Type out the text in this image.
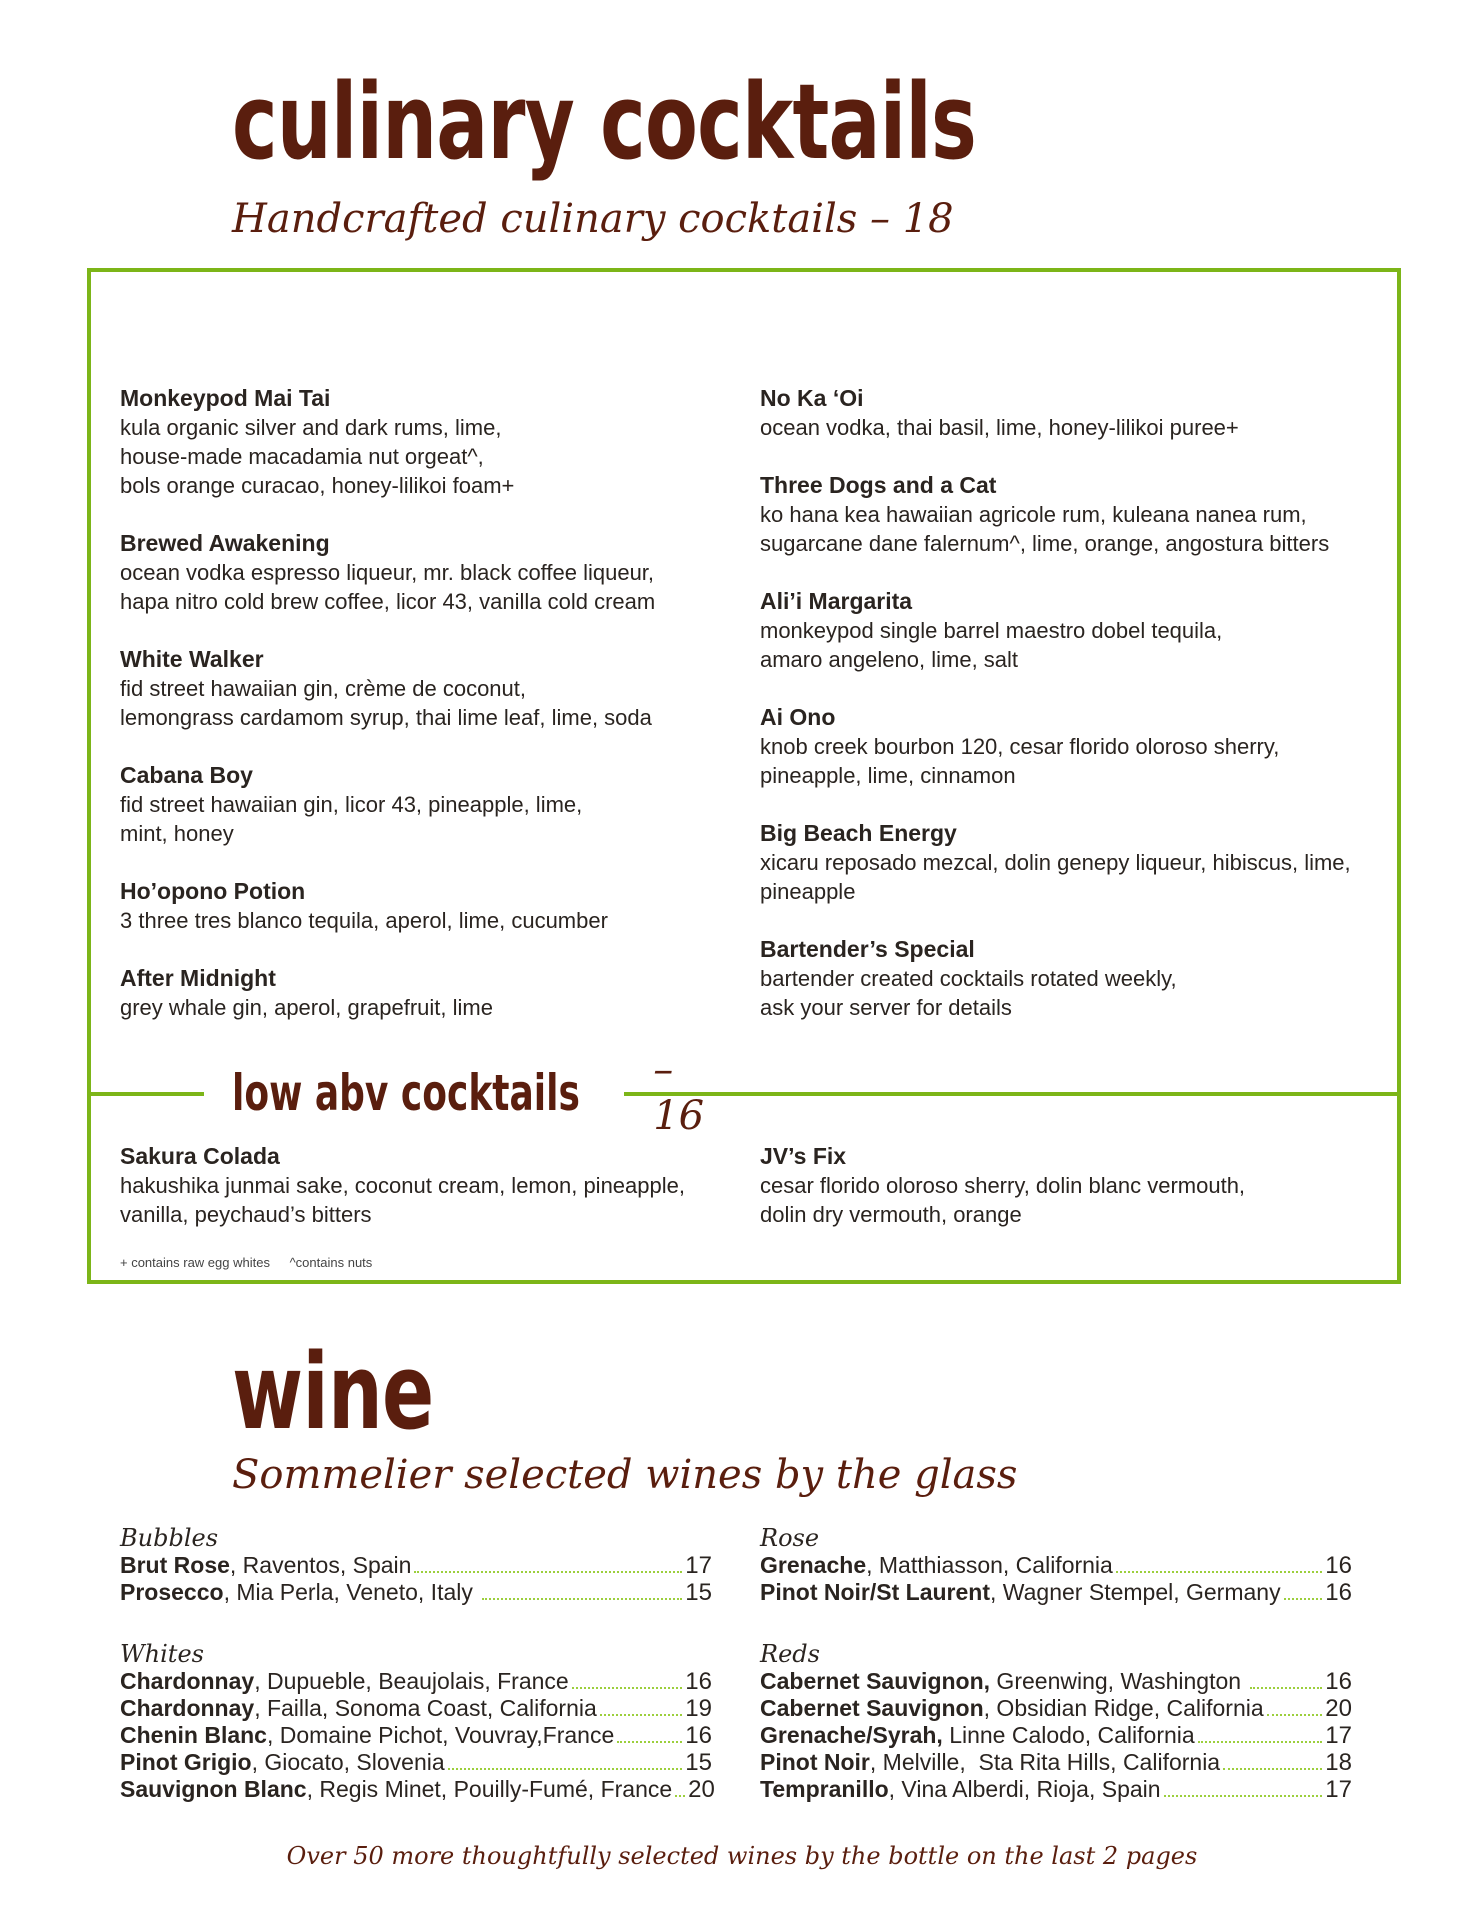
culinary cocktails
Handcrafted culinary cocktails – 18
low abv cocktails – 16
Monkeypod Mai Tai
kula organic silver and dark rums, lime,
house-made macadamia nut orgeat^,
bols orange curacao, honey-lilikoi foam+
Brewed Awakening
ocean vodka espresso liqueur, mr. black coffee liqueur,
hapa nitro cold brew coffee, licor 43, vanilla cold cream
White Walker
fid street hawaiian gin, crème de coconut,
lemongrass cardamom syrup, thai lime leaf, lime, soda
Cabana Boy
fid street hawaiian gin, licor 43, pineapple, lime,
mint, honey
Ho’opono Potion
3 three tres blanco tequila, aperol, lime, cucumber
After Midnight
grey whale gin, aperol, grapefruit, lime
No Ka ‘Oi
ocean vodka, thai basil, lime, honey-lilikoi puree+
Three Dogs and a Cat
ko hana kea hawaiian agricole rum, kuleana nanea rum,
sugarcane dane falernum^, lime, orange, angostura bitters
Ali’i Margarita
monkeypod single barrel maestro dobel tequila,
amaro angeleno, lime, salt
Ai Ono
knob creek bourbon 120, cesar florido oloroso sherry,
pineapple, lime, cinnamon
Big Beach Energy
xicaru reposado mezcal, dolin genepy liqueur, hibiscus, lime,
pineapple
Bartender’s Special
bartender created cocktails rotated weekly,
ask your server for details
Sakura Colada
hakushika junmai sake, coconut cream, lemon, pineapple,
vanilla, peychaud’s bitters
JV’s Fix
cesar florido oloroso sherry, dolin blanc vermouth,
dolin dry vermouth, orange
+ contains raw egg whites ^contains nuts
wine
Sommelier selected wines by the glass
Bubbles
Brut Rose , Raventos, Spain	17
Prosecco , Mia Perla, Veneto, Italy	15
Whites
Chardonnay , Dupueble, Beaujolais, France	16
Chardonnay , Failla, Sonoma Coast, California	19
Chenin Blanc , Domaine Pichot, Vouvray,France	16
Pinot Grigio , Giocato, Slovenia	15
Sauvignon Blanc , Regis Minet, Pouilly-Fumé, France 20
Rose
Grenache , Matthiasson, California	16
Pinot Noir/St Laurent , Wagner Stempel, Germany 16
Reds
Cabernet Sauvignon, Greenwing, Washington	16
Cabernet Sauvignon , Obsidian Ridge, California	20
Grenache/Syrah, Linne Calodo, California	17
Pinot Noir , Melville,  Sta Rita Hills, California	18
Tempranillo , Vina Alberdi, Rioja, Spain	17
Over 50 more thoughtfully selected wines by the bottle on the last 2 pages
